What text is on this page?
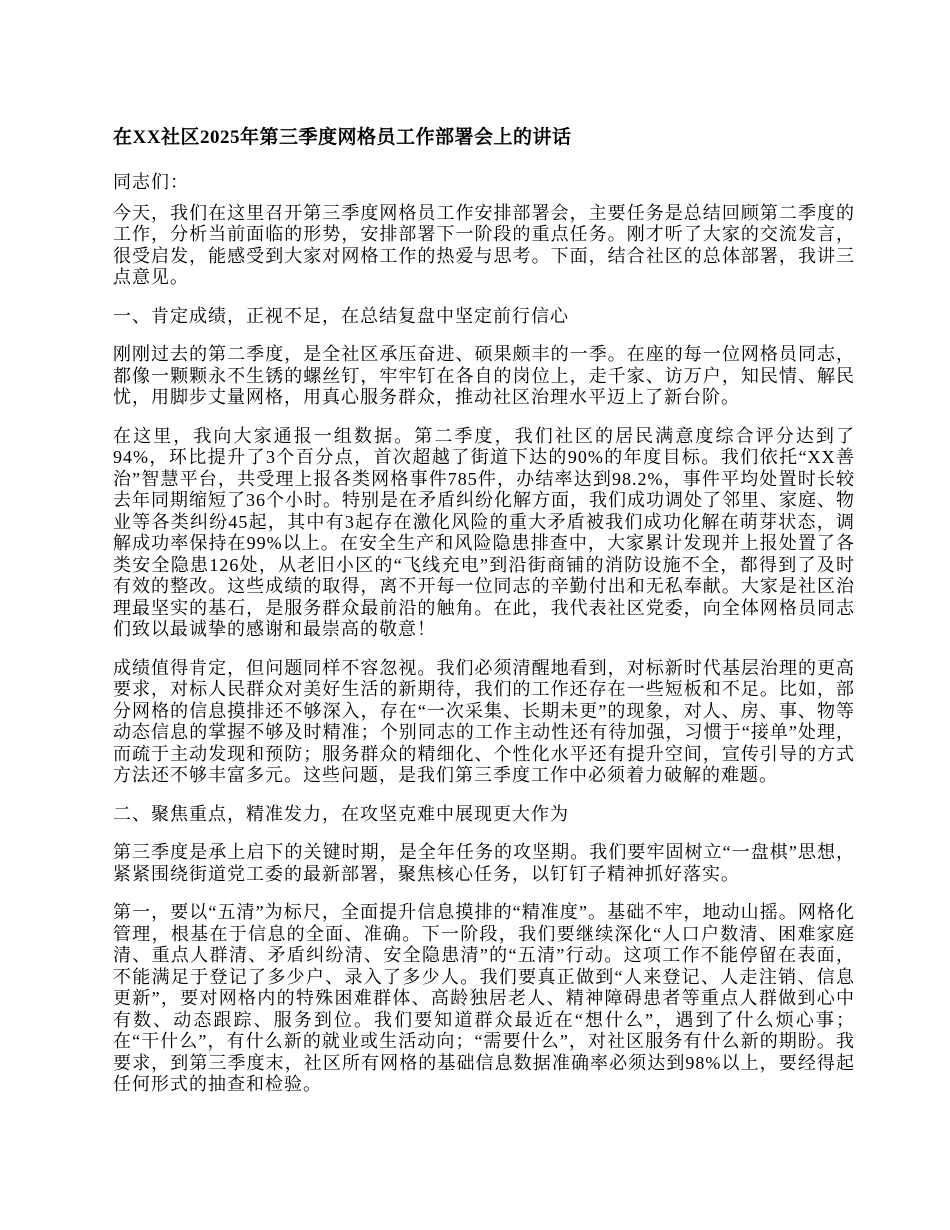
在XX社区2025年第三季度网格员工作部署会上的讲话

同志们：

今天，我们在这里召开第三季度网格员工作安排部署会，主要任务是总结回顾第二季度的工作，分析当前面临的形势，安排部署下一阶段的重点任务。刚才听了大家的交流发言，很受启发，能感受到大家对网格工作的热爱与思考。下面，结合社区的总体部署，我讲三点意见。

一、肯定成绩，正视不足，在总结复盘中坚定前行信心

刚刚过去的第二季度，是全社区承压奋进、硕果颇丰的一季。在座的每一位网格员同志，都像一颗颗永不生锈的螺丝钉，牢牢钉在各自的岗位上，走千家、访万户，知民情、解民忧，用脚步丈量网格，用真心服务群众，推动社区治理水平迈上了新台阶。

在这里，我向大家通报一组数据。第二季度，我们社区的居民满意度综合评分达到了94%，环比提升了3个百分点，首次超越了街道下达的90%的年度目标。我们依托“XX善治”智慧平台，共受理上报各类网格事件785件，办结率达到98.2%，事件平均处置时长较去年同期缩短了36个小时。特别是在矛盾纠纷化解方面，我们成功调处了邻里、家庭、物业等各类纠纷45起，其中有3起存在激化风险的重大矛盾被我们成功化解在萌芽状态，调解成功率保持在99%以上。在安全生产和风险隐患排查中，大家累计发现并上报处置了各类安全隐患126处，从老旧小区的“飞线充电”到沿街商铺的消防设施不全，都得到了及时有效的整改。这些成绩的取得，离不开每一位同志的辛勤付出和无私奉献。大家是社区治理最坚实的基石，是服务群众最前沿的触角。在此，我代表社区党委，向全体网格员同志们致以最诚挚的感谢和最崇高的敬意！

成绩值得肯定，但问题同样不容忽视。我们必须清醒地看到，对标新时代基层治理的更高要求，对标人民群众对美好生活的新期待，我们的工作还存在一些短板和不足。比如，部分网格的信息摸排还不够深入，存在“一次采集、长期未更”的现象，对人、房、事、物等动态信息的掌握不够及时精准；个别同志的工作主动性还有待加强，习惯于“接单”处理，而疏于主动发现和预防；服务群众的精细化、个性化水平还有提升空间，宣传引导的方式方法还不够丰富多元。这些问题，是我们第三季度工作中必须着力破解的难题。

二、聚焦重点，精准发力，在攻坚克难中展现更大作为

第三季度是承上启下的关键时期，是全年任务的攻坚期。我们要牢固树立“一盘棋”思想，紧紧围绕街道党工委的最新部署，聚焦核心任务，以钉钉子精神抓好落实。

第一，要以“五清”为标尺，全面提升信息摸排的“精准度”。基础不牢，地动山摇。网格化管理，根基在于信息的全面、准确。下一阶段，我们要继续深化“人口户数清、困难家庭清、重点人群清、矛盾纠纷清、安全隐患清”的“五清”行动。这项工作不能停留在表面，不能满足于登记了多少户、录入了多少人。我们要真正做到“人来登记、人走注销、信息更新”，要对网格内的特殊困难群体、高龄独居老人、精神障碍患者等重点人群做到心中有数、动态跟踪、服务到位。我们要知道群众最近在“想什么”，遇到了什么烦心事；在“干什么”，有什么新的就业或生活动向；“需要什么”，对社区服务有什么新的期盼。我要求，到第三季度末，社区所有网格的基础信息数据准确率必须达到98%以上，要经得起任何形式的抽查和检验。
